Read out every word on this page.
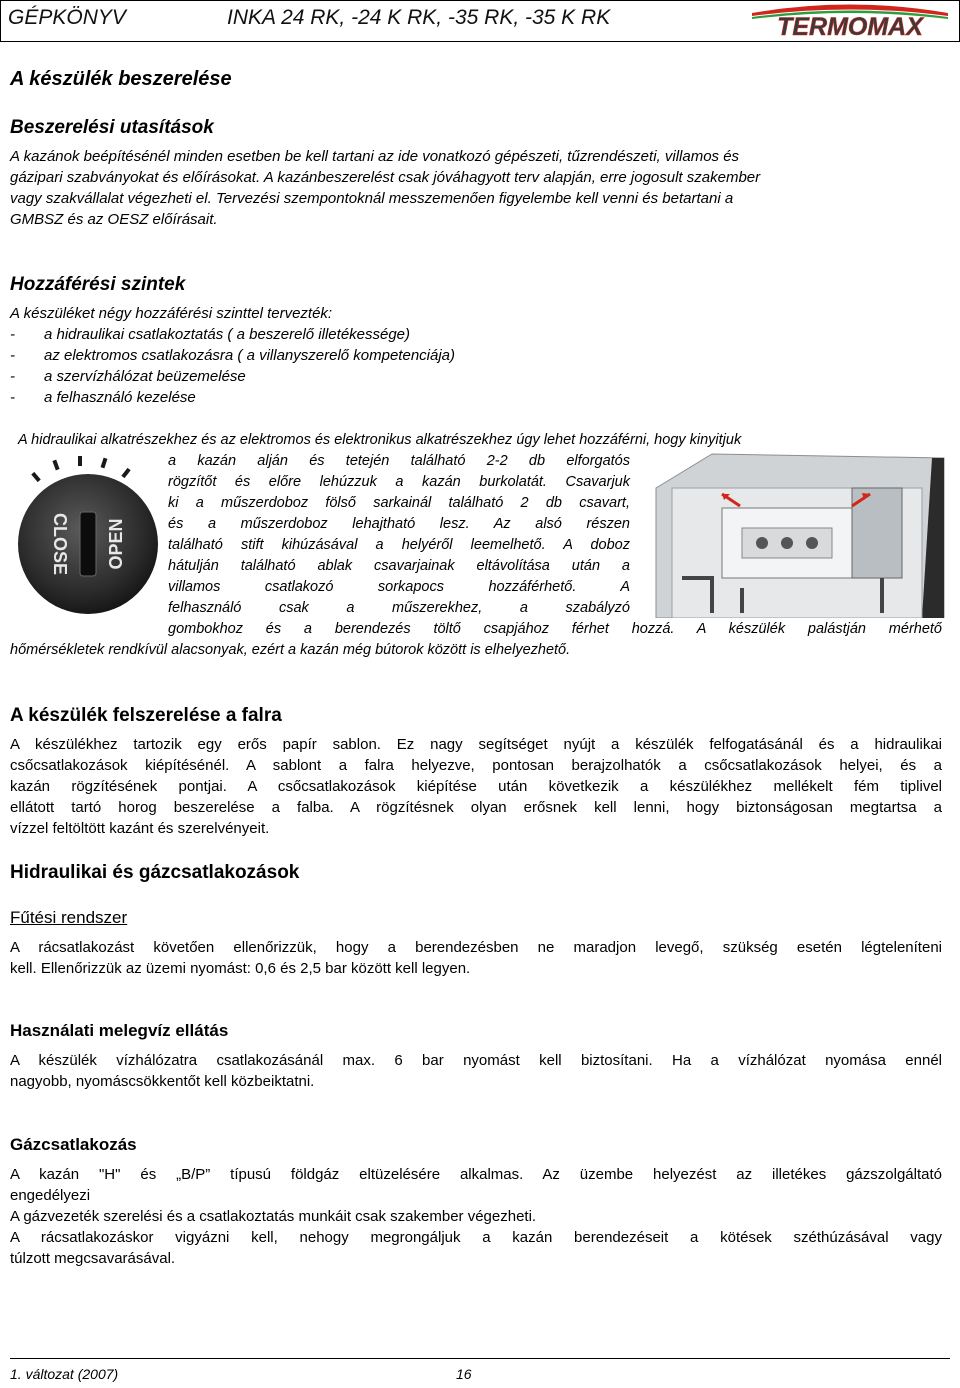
GÉPKÖNYV	INKA 24 RK, -24 K RK, -35 RK, -35 K RK	TERMOMAX
A készülék beszerelése
Beszerelési utasítások
A kazánok beépítésénél minden esetben be kell tartani az ide vonatkozó gépészeti, tűzrendészeti, villamos és
gázipari szabványokat és előírásokat. A kazánbeszerelést csak jóváhagyott terv alapján, erre jogosult szakember
vagy szakvállalat végezheti el. Tervezési szempontoknál messzemenően figyelembe kell venni és betartani a
GMBSZ és az OESZ előírásait.
Hozzáférési szintek
A készüléket négy hozzáférési szinttel tervezték:
- a hidraulikai csatlakoztatás ( a beszerelő illetékessége)
- az elektromos csatlakozásra ( a villanyszerelő kompetenciája)
- a szervízhálózat beüzemelése
- a felhasználó kezelése
A hidraulikai alkatrészekhez és az elektromos és elektronikus alkatrészekhez úgy lehet hozzáférni, hogy kinyitjuk
CLOSE OPEN
a kazán alján és tetején található 2-2 db elforgatós
rögzítőt és előre lehúzzuk a kazán burkolatát. Csavarjuk
ki a műszerdoboz fölső sarkainál található 2 db csavart,
és a műszerdoboz lehajtható lesz. Az alsó részen
található stift kihúzásával a helyéről leemelhető. A doboz
hátulján található ablak csavarjainak eltávolítása után a
villamos csatlakozó sorkapocs hozzáférhető. A
felhasználó csak a műszerekhez, a szabályzó
gombokhoz és a berendezés töltő csapjához férhet hozzá. A készülék palástján mérhető
hőmérsékletek rendkívül alacsonyak, ezért a kazán még bútorok között is elhelyezhető.
A készülék felszerelése a falra
A készülékhez tartozik egy erős papír sablon. Ez nagy segítséget nyújt a készülék felfogatásánál és a hidraulikai
csőcsatlakozások kiépítésénél. A sablont a falra helyezve, pontosan berajzolhatók a csőcsatlakozások helyei, és a
kazán rögzítésének pontjai. A csőcsatlakozások kiépítése után következik a készülékhez mellékelt fém tiplivel
ellátott tartó horog beszerelése a falba. A rögzítésnek olyan erősnek kell lenni, hogy biztonságosan megtartsa a
vízzel feltöltött kazánt és szerelvényeit.
Hidraulikai és gázcsatlakozások
Fűtési rendszer
A rácsatlakozást követően ellenőrizzük, hogy a berendezésben ne maradjon levegő, szükség esetén légteleníteni
kell. Ellenőrizzük az üzemi nyomást: 0,6 és 2,5 bar között kell legyen.
Használati melegvíz ellátás
A készülék vízhálózatra csatlakozásánál max. 6 bar nyomást kell biztosítani. Ha a vízhálózat nyomása ennél
nagyobb, nyomáscsökkentőt kell közbeiktatni.
Gázcsatlakozás
A kazán "H" és „B/P” típusú földgáz eltüzelésére alkalmas. Az üzembe helyezést az illetékes gázszolgáltató
engedélyezi
A gázvezeték szerelési és a csatlakoztatás munkáit csak szakember végezheti.
A rácsatlakozáskor vigyázni kell, nehogy megrongáljuk a kazán berendezéseit a kötések széthúzásával vagy
túlzott megcsavarásával.
1. változat (2007)	16
